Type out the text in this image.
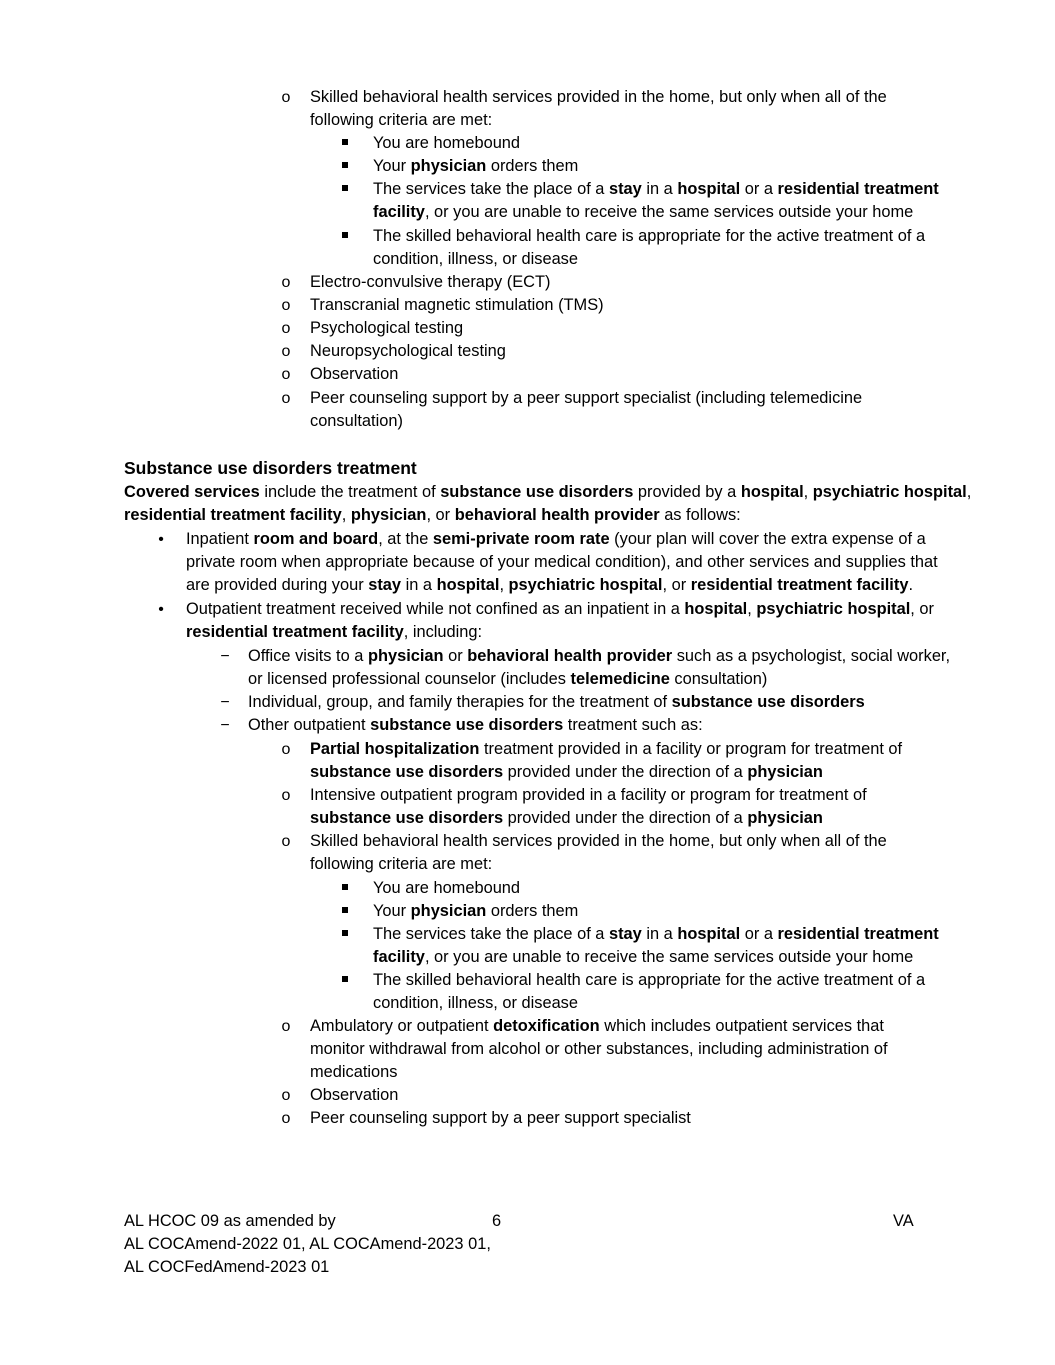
o Skilled behavioral health services provided in the home, but only when all of the
following criteria are met:
You are homebound
Your physician orders them
The services take the place of a stay in a hospital or a residential treatment
facility, or you are unable to receive the same services outside your home
The skilled behavioral health care is appropriate for the active treatment of a
condition, illness, or disease
o Electro-convulsive therapy (ECT)
o Transcranial magnetic stimulation (TMS)
o Psychological testing
o Neuropsychological testing
o Observation
o Peer counseling support by a peer support specialist (including telemedicine
consultation)
Substance use disorders treatment
Covered services include the treatment of substance use disorders provided by a hospital, psychiatric hospital,
residential treatment facility, physician, or behavioral health provider as follows:
•	Inpatient room and board, at the semi-private room rate (your plan will cover the extra expense of a
private room when appropriate because of your medical condition), and other services and supplies that
are provided during your stay in a hospital, psychiatric hospital, or residential treatment facility.
•	Outpatient treatment received while not confined as an inpatient in a hospital, psychiatric hospital, or
residential treatment facility, including:
− Office visits to a physician or behavioral health provider such as a psychologist, social worker,
or licensed professional counselor (includes telemedicine consultation)
− Individual, group, and family therapies for the treatment of substance use disorders
− Other outpatient substance use disorders treatment such as:
o Partial hospitalization treatment provided in a facility or program for treatment of
substance use disorders provided under the direction of a physician
o Intensive outpatient program provided in a facility or program for treatment of
substance use disorders provided under the direction of a physician
o Skilled behavioral health services provided in the home, but only when all of the
following criteria are met:
You are homebound
Your physician orders them
The services take the place of a stay in a hospital or a residential treatment
facility, or you are unable to receive the same services outside your home
The skilled behavioral health care is appropriate for the active treatment of a
condition, illness, or disease
o Ambulatory or outpatient detoxification which includes outpatient services that
monitor withdrawal from alcohol or other substances, including administration of
medications
o Observation
o Peer counseling support by a peer support specialist
AL HCOC 09 as amended by
AL COCAmend-2022 01, AL COCAmend-2023 01,
AL COCFedAmend-2023 01
6	VA
